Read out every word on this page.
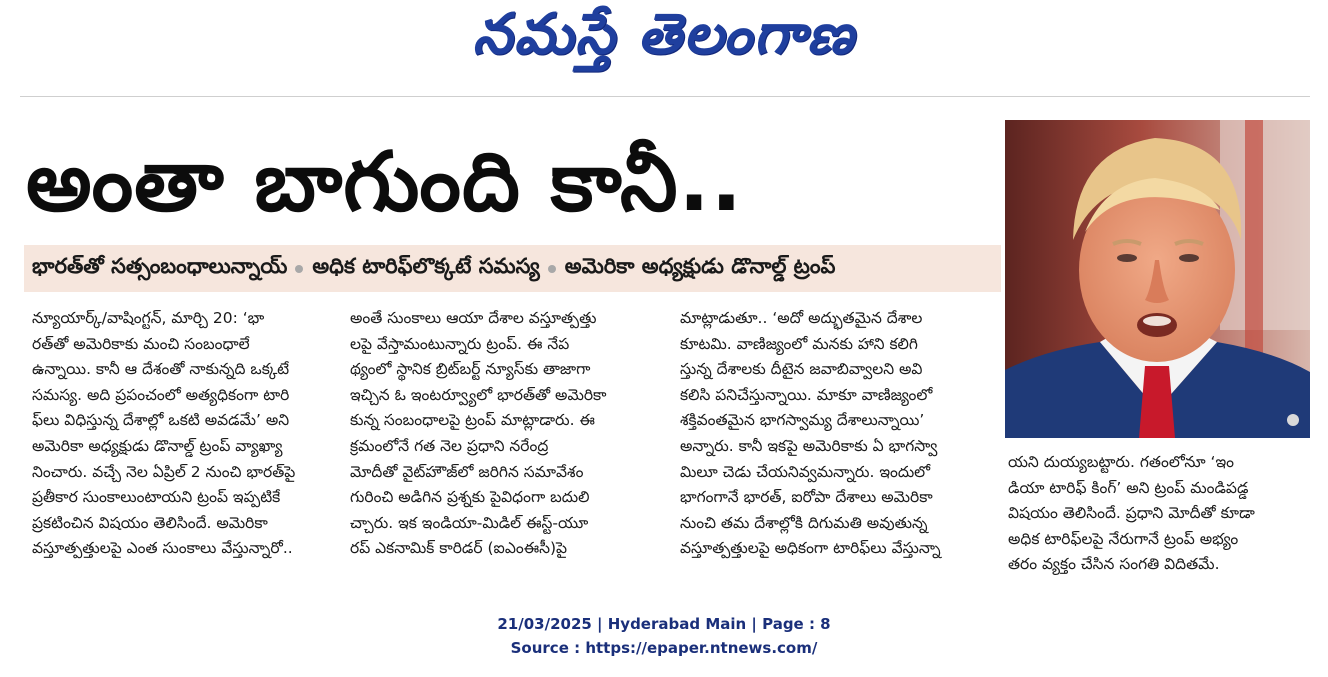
నమస్తే తెలంగాణ
అంతా బాగుంది కానీ..
భారత్‌తో సత్సంబంధాలున్నాయ్ అధిక టారిఫ్‌లొక్కటే సమస్య అమెరికా అధ్యక్షుడు డొనాల్డ్ ట్రంప్
న్యూయార్క్/వాషింగ్టన్, మార్చి 20: ‘భా
రత్‌తో అమెరికాకు మంచి సంబంధాలే
ఉన్నాయి. కానీ ఆ దేశంతో నాకున్నది ఒక్కటే
సమస్య. అది ప్రపంచంలో అత్యధికంగా టారి
ఫ్‌లు విధిస్తున్న దేశాల్లో ఒకటి అవడమే’ అని
అమెరికా అధ్యక్షుడు డొనాల్డ్ ట్రంప్ వ్యాఖ్యా
నించారు. వచ్చే నెల ఏప్రిల్ 2 నుంచి భారత్‌పై
ప్రతీకార సుంకాలుంటాయని ట్రంప్ ఇప్పటికే
ప్రకటించిన విషయం తెలిసిందే. అమెరికా
వస్తూత్పత్తులపై ఎంత సుంకాలు వేస్తున్నారో..
అంతే సుంకాలు ఆయా దేశాల వస్తూత్పత్తు
లపై వేస్తామంటున్నారు ట్రంప్. ఈ నేప
థ్యంలో స్థానిక బ్రిట్‌బర్ట్ న్యూస్‌కు తాజాగా
ఇచ్చిన ఓ ఇంటర్వ్యూలో భారత్‌తో అమెరికా
కున్న సంబంధాలపై ట్రంప్ మాట్లాడారు. ఈ
క్రమంలోనే గత నెల ప్రధాని నరేంద్ర
మోదీతో వైట్‌హౌజ్‌లో జరిగిన సమావేశం
గురించి అడిగిన ప్రశ్నకు పైవిధంగా బదులి
చ్చారు. ఇక ఇండియా-మిడిల్ ఈస్ట్-యూ
రప్ ఎకనామిక్ కారిడర్ (ఐఎంఈసీ)పై
మాట్లాడుతూ.. ‘అదో అద్భుతమైన దేశాల
కూటమి. వాణిజ్యంలో మనకు హాని కలిగి
స్తున్న దేశాలకు దీటైన జవాబివ్వాలని అవి
కలిసి పనిచేస్తున్నాయి. మాకూ వాణిజ్యంలో
శక్తివంతమైన భాగస్వామ్య దేశాలున్నాయి’
అన్నారు. కానీ ఇకపై అమెరికాకు ఏ భాగస్వా
మిలూ చెడు చేయనివ్వమన్నారు. ఇందులో
భాగంగానే భారత్, ఐరోపా దేశాలు అమెరికా
నుంచి తమ దేశాల్లోకి దిగుమతి అవుతున్న
వస్తూత్పత్తులపై అధికంగా టారిఫ్‌లు వేస్తున్నా
యని దుయ్యబట్టారు. గతంలోనూ ‘ఇం
డియా టారిఫ్ కింగ్’ అని ట్రంప్ మండిపడ్డ
విషయం తెలిసిందే. ప్రధాని మోదీతో కూడా
అధిక టారిఫ్‌లపై నేరుగానే ట్రంప్ అభ్యం
తరం వ్యక్తం చేసిన సంగతి విదితమే.
21/03/2025 | Hyderabad Main | Page : 8
Source : https://epaper.ntnews.com/
